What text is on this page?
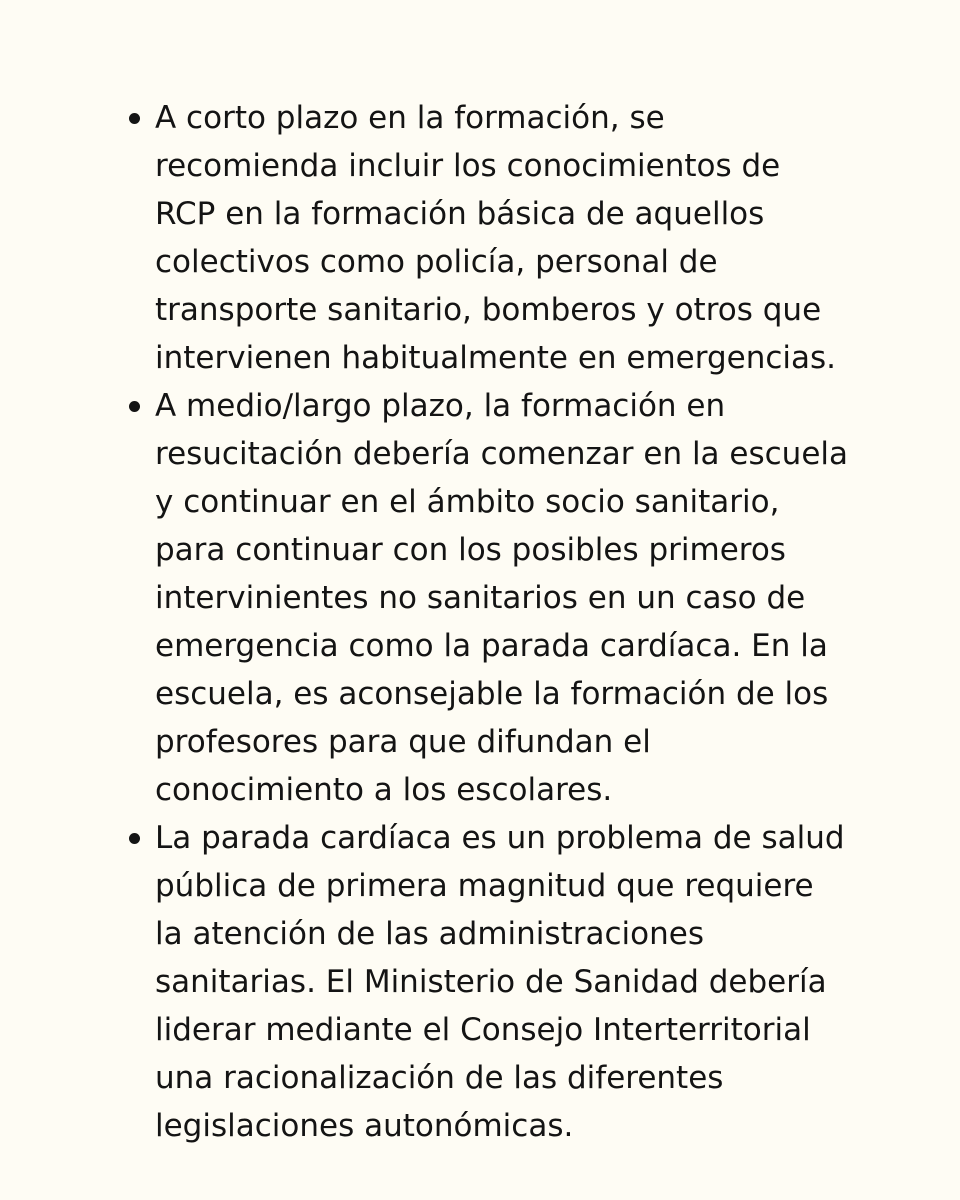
A corto plazo en la formación, se
recomienda incluir los conocimientos de
RCP en la formación básica de aquellos
colectivos como policía, personal de
transporte sanitario, bomberos y otros que
intervienen habitualmente en emergencias.
A medio/largo plazo, la formación en
resucitación debería comenzar en la escuela
y continuar en el ámbito socio sanitario,
para continuar con los posibles primeros
intervinientes no sanitarios en un caso de
emergencia como la parada cardíaca. En la
escuela, es aconsejable la formación de los
profesores para que difundan el
conocimiento a los escolares.
La parada cardíaca es un problema de salud
pública de primera magnitud que requiere
la atención de las administraciones
sanitarias. El Ministerio de Sanidad debería
liderar mediante el Consejo Interterritorial
una racionalización de las diferentes
legislaciones autonómicas.
